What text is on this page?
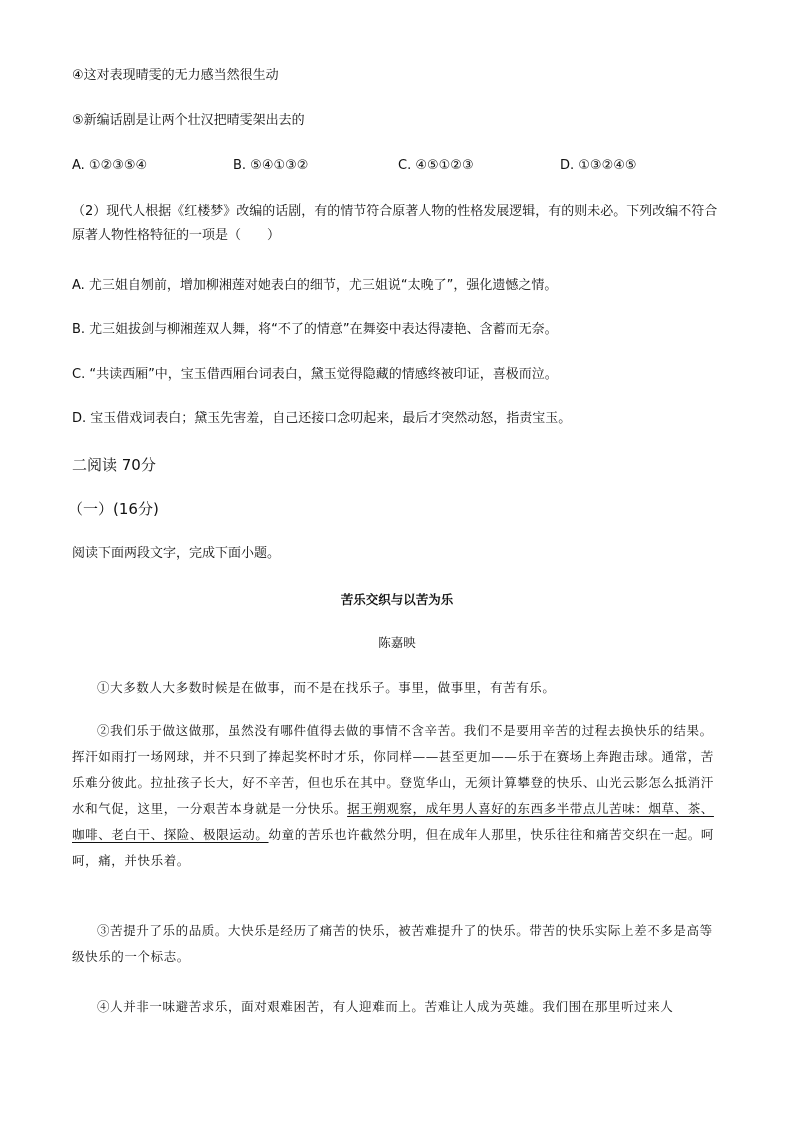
④这对表现晴雯的无力感当然很生动
⑤新编话剧是让两个壮汉把晴雯架出去的
A. ①②③⑤④	B. ⑤④①③②	C. ④⑤①②③	D. ①③②④⑤
（2）现代人根据《红楼梦》改编的话剧，有的情节符合原著人物的性格发展逻辑，有的则未必。下列改编不符合原著人物性格特征的一项是（　　）
A. 尤三姐自刎前，增加柳湘莲对她表白的细节，尤三姐说“太晚了”，强化遗憾之情。
B. 尤三姐拔剑与柳湘莲双人舞，将“不了的情意”在舞姿中表达得凄艳、含蓄而无奈。
C. “共读西厢”中，宝玉借西厢台词表白，黛玉觉得隐藏的情感终被印证，喜极而泣。
D. 宝玉借戏词表白；黛玉先害羞，自己还接口念叨起来，最后才突然动怒，指责宝玉。
二阅读 70分
（一）(16分)
阅读下面两段文字，完成下面小题。
苦乐交织与以苦为乐
陈嘉映
①大多数人大多数时候是在做事，而不是在找乐子。事里，做事里，有苦有乐。
②我们乐于做这做那，虽然没有哪件值得去做的事情不含辛苦。我们不是要用辛苦的过程去换快乐的结果。挥汗如雨打一场网球，并不只到了捧起奖杯时才乐，你同样——甚至更加——乐于在赛场上奔跑击球。通常，苦乐难分彼此。拉扯孩子长大，好不辛苦，但也乐在其中。登览华山，无须计算攀登的快乐、山光云影怎么抵消汗水和气促，这里，一分艰苦本身就是一分快乐。据王朔观察，成年男人喜好的东西多半带点儿苦味：烟草、茶、咖啡、老白干、探险、极限运动。幼童的苦乐也许截然分明，但在成年人那里，快乐往往和痛苦交织在一起。呵呵，痛，并快乐着。
③苦提升了乐的品质。大快乐是经历了痛苦的快乐，被苦难提升了的快乐。带苦的快乐实际上差不多是高等级快乐的一个标志。
④人并非一味避苦求乐，面对艰难困苦，有人迎难而上。苦难让人成为英雄。我们围在那里听过来人
